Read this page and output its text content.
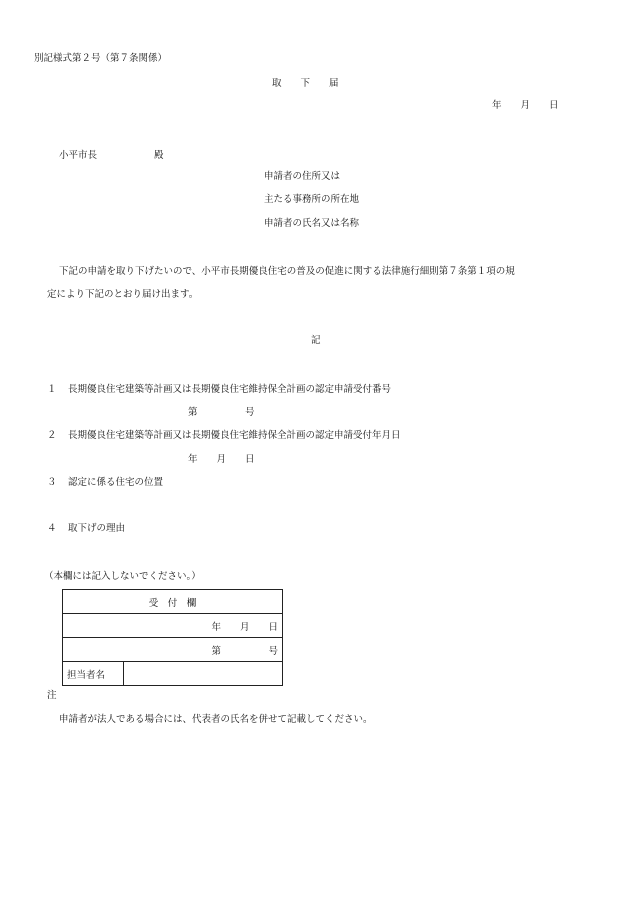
別記様式第２号（第７条関係）
取　　下　　届
年　　月　　日
小平市長　　　　　　殿
申請者の住所又は
主たる事務所の所在地
申請者の氏名又は名称
下記の申請を取り下げたいので、小平市長期優良住宅の普及の促進に関する法律施行細則第７条第１項の規
定により下記のとおり届け出ます。
記
１ 長期優良住宅建築等計画又は長期優良住宅維持保全計画の認定申請受付番号
第　　　　　号
２ 長期優良住宅建築等計画又は長期優良住宅維持保全計画の認定申請受付年月日
年　　月　　日
３ 認定に係る住宅の位置
４ 取下げの理由
（本欄には記入しないでください。）
受　付　欄
年　　月　　日
第　　　　　号
担当者名	
注
申請者が法人である場合には、代表者の氏名を併せて記載してください。
